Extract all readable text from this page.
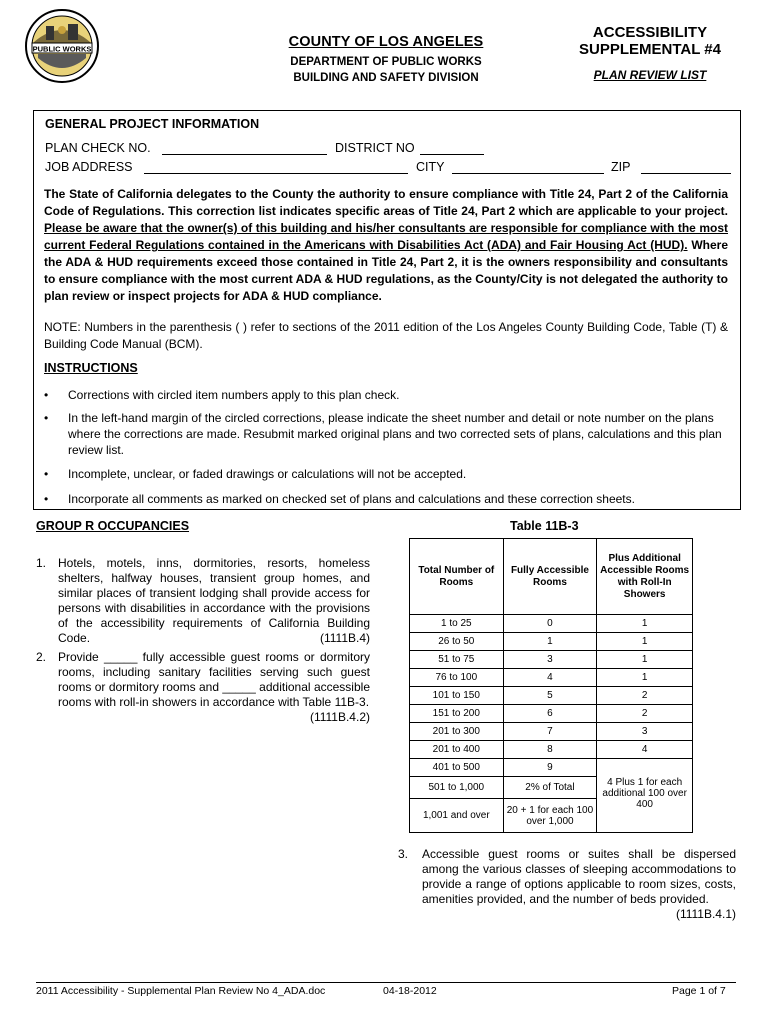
PUBLIC WORKS	COUNTY OF LOS ANGELES
DEPARTMENT OF PUBLIC WORKS
BUILDING AND SAFETY DIVISION
ACCESSIBILITY
SUPPLEMENTAL #4
PLAN REVIEW LIST
GENERAL PROJECT INFORMATION
PLAN CHECK NO.	DISTRICT NO
JOB ADDRESS	CITY	ZIP
The State of California delegates to the County the authority to ensure compliance with Title 24, Part 2 of the California Code of Regulations. This correction list indicates specific areas of Title 24, Part 2 which are applicable to your project. Please be aware that the owner(s) of this building and his/her consultants are responsible for compliance with the most current Federal Regulations contained in the Americans with Disabilities Act (ADA) and Fair Housing Act (HUD). Where the ADA & HUD requirements exceed those contained in Title 24, Part 2, it is the owners responsibility and consultants to ensure compliance with the most current ADA & HUD regulations, as the County/City is not delegated the authority to plan review or inspect projects for ADA & HUD compliance.
NOTE: Numbers in the parenthesis ( ) refer to sections of the 2011 edition of the Los Angeles County Building Code, Table (T) & Building Code Manual (BCM).
INSTRUCTIONS
• Corrections with circled item numbers apply to this plan check.
• In the left-hand margin of the circled corrections, please indicate the sheet number and detail or note number on the plans where the corrections are made. Resubmit marked original plans and two corrected sets of plans, calculations and this plan review list.
• Incomplete, unclear, or faded drawings or calculations will not be accepted.
• Incorporate all comments as marked on checked set of plans and calculations and these correction sheets.
GROUP R OCCUPANCIES	Table 11B-3
1. Hotels, motels, inns, dormitories, resorts, homeless shelters, halfway houses, transient group homes, and similar places of transient lodging shall provide access for persons with disabilities in accordance with the provisions of the accessibility requirements of California Building Code.	(1111B.4)
2. Provide _____ fully accessible guest rooms or dormitory rooms, including sanitary facilities serving such guest rooms or dormitory rooms and _____ additional accessible rooms with roll-in showers in accordance with Table 11B-3.
(1111B.4.2)
Total Number of Rooms	Fully Accessible Rooms	Plus Additional Accessible Rooms with Roll-In Showers
1 to 25	0	1
26 to 50	1	1
51 to 75	3	1
76 to 100	4	1
101 to 150	5	2
151 to 200	6	2
201 to 300	7	3
201 to 400	8	4
401 to 500	9	4 Plus 1 for each additional 100 over 400
501 to 1,000	2% of Total	
1,001 and over	20 + 1 for each 100 over 1,000	
3. Accessible guest rooms or suites shall be dispersed among the various classes of sleeping accommodations to provide a range of options applicable to room sizes, costs, amenities provided, and the number of beds provided.
(1111B.4.1)
2011 Accessibility - Supplemental Plan Review No 4_ADA.doc	04-18-2012	Page 1 of 7
